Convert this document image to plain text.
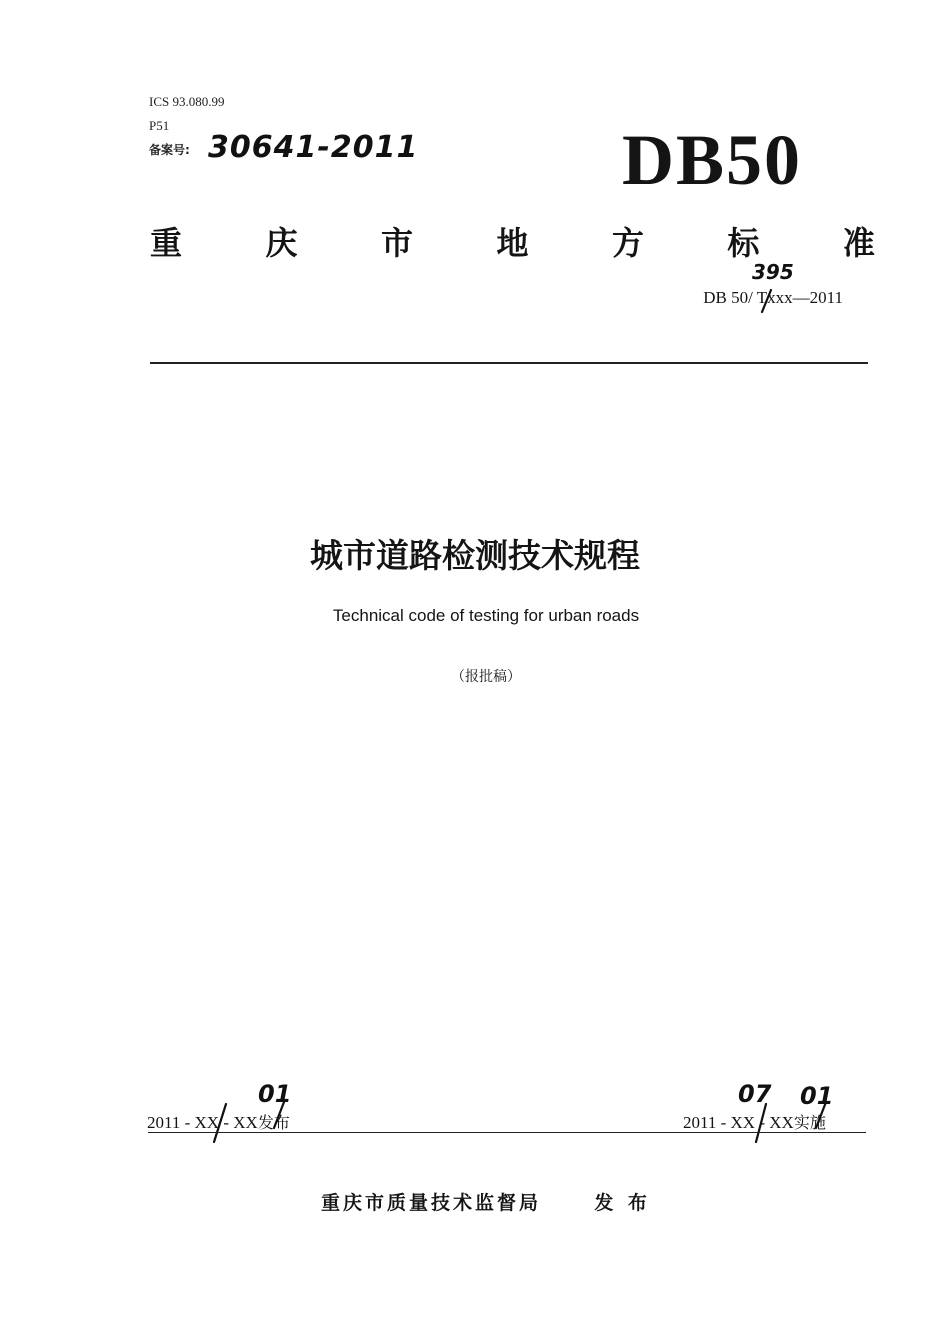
ICS 93.080.99
P51
备案号: 30641-2011	DB50
重	庆	市	地	方	标	准
395
DB 50/ Txxx—2011
城市道路检测技术规程
Technical code of testing for urban roads
（报批稿）
01
2011 - XX - XX发布
07 01
2011 - XX - XX实施
重庆市质量技术监督局	发 布
